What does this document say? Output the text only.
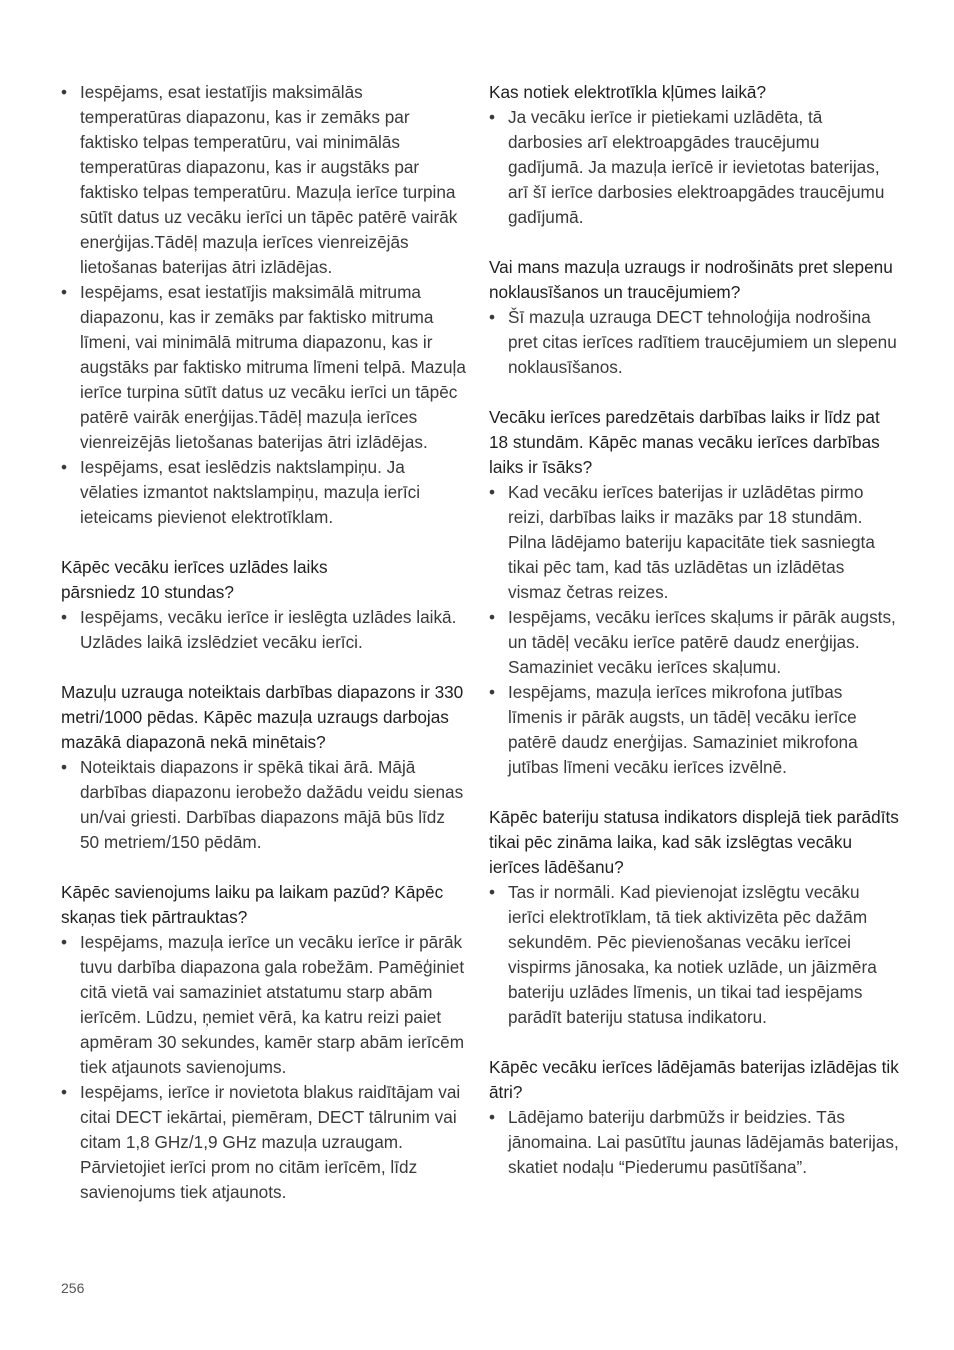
• Iespējams, esat iestatījis maksimālās temperatūras diapazonu, kas ir zemāks par faktisko telpas temperatūru, vai minimālās temperatūras diapazonu, kas ir augstāks par faktisko telpas temperatūru. Mazuļa ierīce turpina sūtīt datus uz vecāku ierīci un tāpēc patērē vairāk enerģijas.Tādēļ mazuļa ierīces vienreizējās lietošanas baterijas ātri izlādējas.
• Iespējams, esat iestatījis maksimālā mitruma diapazonu, kas ir zemāks par faktisko mitruma līmeni, vai minimālā mitruma diapazonu, kas ir augstāks par faktisko mitruma līmeni telpā. Mazuļa ierīce turpina sūtīt datus uz vecāku ierīci un tāpēc patērē vairāk enerģijas.Tādēļ mazuļa ierīces vienreizējās lietošanas baterijas ātri izlādējas.
• Iespējams, esat ieslēdzis naktslampiņu. Ja vēlaties izmantot naktslampiņu, mazuļa ierīci ieteicams pievienot elektrotīklam.

Kāpēc vecāku ierīces uzlādes laiks
pārsniedz 10 stundas?

• Iespējams, vecāku ierīce ir ieslēgta uzlādes laikā. Uzlādes laikā izslēdziet vecāku ierīci.

Mazuļu uzrauga noteiktais darbības diapazons ir 330 metri/1000 pēdas. Kāpēc mazuļa uzraugs darbojas mazākā diapazonā nekā minētais?

• Noteiktais diapazons ir spēkā tikai ārā. Mājā darbības diapazonu ierobežo dažādu veidu sienas un/vai griesti. Darbības diapazons mājā būs līdz 50 metriem/150 pēdām.

Kāpēc savienojums laiku pa laikam pazūd? Kāpēc skaņas tiek pārtrauktas?

• Iespējams, mazuļa ierīce un vecāku ierīce ir pārāk tuvu darbība diapazona gala robežām. Pamēģiniet citā vietā vai samaziniet atstatumu starp abām ierīcēm. Lūdzu, ņemiet vērā, ka katru reizi paiet apmēram 30 sekundes, kamēr starp abām ierīcēm tiek atjaunots savienojums.
• Iespējams, ierīce ir novietota blakus raidītājam vai citai DECT iekārtai, piemēram, DECT tālrunim vai citam 1,8 GHz/1,9 GHz mazuļa uzraugam. Pārvietojiet ierīci prom no citām ierīcēm, līdz savienojums tiek atjaunots.

Kas notiek elektrotīkla kļūmes laikā?

• Ja vecāku ierīce ir pietiekami uzlādēta, tā darbosies arī elektroapgādes traucējumu gadījumā. Ja mazuļa ierīcē ir ievietotas baterijas, arī šī ierīce darbosies elektroapgādes traucējumu gadījumā.

Vai mans mazuļa uzraugs ir nodrošināts pret slepenu noklausīšanos un traucējumiem?

• Šī mazuļa uzrauga DECT tehnoloģija nodrošina pret citas ierīces radītiem traucējumiem un slepenu noklausīšanos.

Vecāku ierīces paredzētais darbības laiks ir līdz pat 18 stundām. Kāpēc manas vecāku ierīces darbības laiks ir īsāks?

• Kad vecāku ierīces baterijas ir uzlādētas pirmo reizi, darbības laiks ir mazāks par 18 stundām. Pilna lādējamo bateriju kapacitāte tiek sasniegta tikai pēc tam, kad tās uzlādētas un izlādētas vismaz četras reizes.
• Iespējams, vecāku ierīces skaļums ir pārāk augsts, un tādēļ vecāku ierīce patērē daudz enerģijas. Samaziniet vecāku ierīces skaļumu.
• Iespējams, mazuļa ierīces mikrofona jutības līmenis ir pārāk augsts, un tādēļ vecāku ierīce patērē daudz enerģijas. Samaziniet mikrofona jutības līmeni vecāku ierīces izvēlnē.

Kāpēc bateriju statusa indikators displejā tiek parādīts tikai pēc zināma laika, kad sāk izslēgtas vecāku ierīces lādēšanu?

• Tas ir normāli. Kad pievienojat izslēgtu vecāku ierīci elektrotīklam, tā tiek aktivizēta pēc dažām sekundēm. Pēc pievienošanas vecāku ierīcei vispirms jānosaka, ka notiek uzlāde, un jāizmēra bateriju uzlādes līmenis, un tikai tad iespējams parādīt bateriju statusa indikatoru.

Kāpēc vecāku ierīces lādējamās baterijas izlādējas tik ātri?

• Lādējamo bateriju darbmūžs ir beidzies. Tās jānomaina. Lai pasūtītu jaunas lādējamās baterijas, skatiet nodaļu “Piederumu pasūtīšana”.
256
